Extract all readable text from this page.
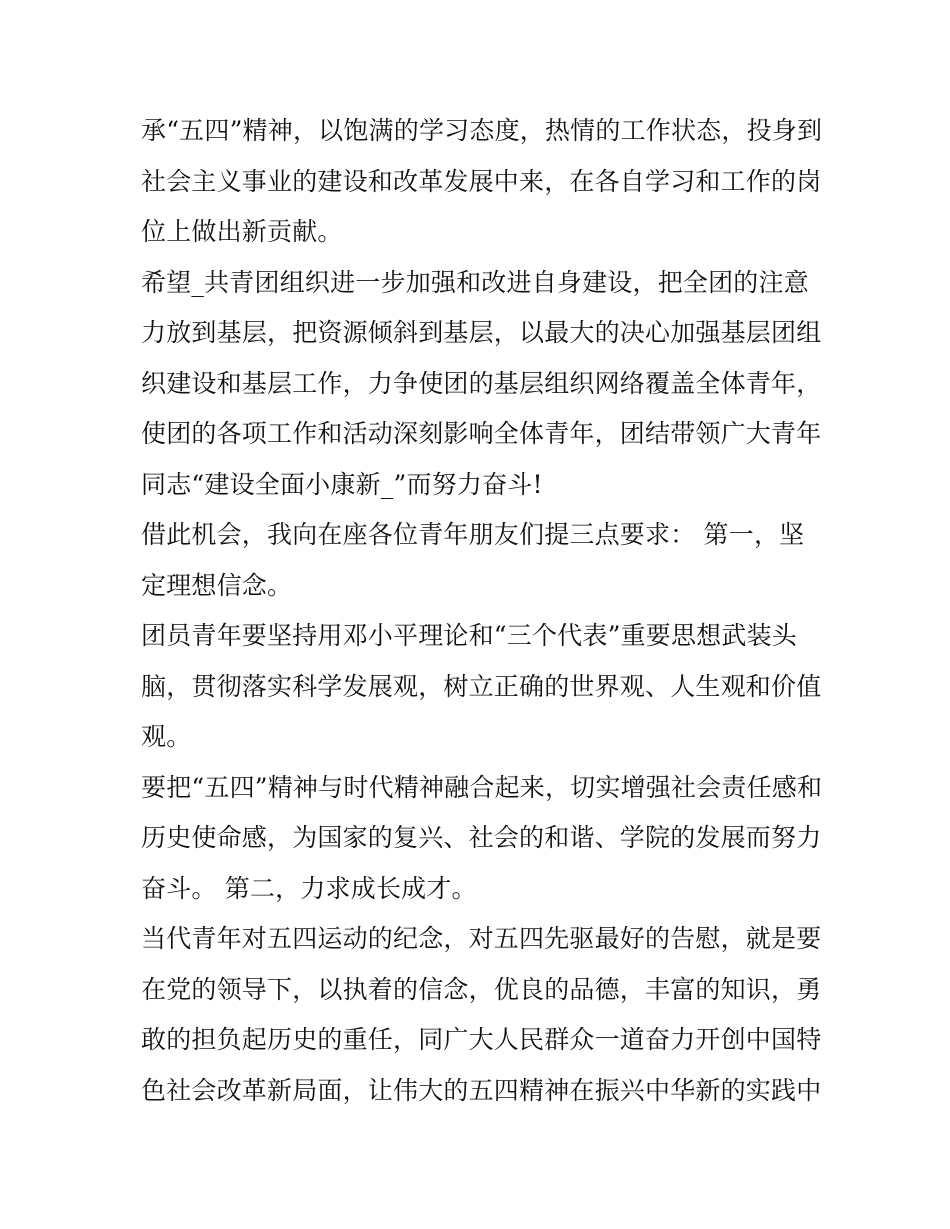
承“五四”精神，以饱满的学习态度，热情的工作状态，投身到
社会主义事业的建设和改革发展中来，在各自学习和工作的岗
位上做出新贡献。
希望_共青团组织进一步加强和改进自身建设，把全团的注意
力放到基层，把资源倾斜到基层，以最大的决心加强基层团组
织建设和基层工作，力争使团的基层组织网络覆盖全体青年，
使团的各项工作和活动深刻影响全体青年，团结带领广大青年
同志“建设全面小康新_”而努力奋斗!
借此机会，我向在座各位青年朋友们提三点要求： 第一，坚
定理想信念。
团员青年要坚持用邓小平理论和“三个代表”重要思想武装头
脑，贯彻落实科学发展观，树立正确的世界观、人生观和价值
观。
要把“五四”精神与时代精神融合起来，切实增强社会责任感和
历史使命感，为国家的复兴、社会的和谐、学院的发展而努力
奋斗。 第二，力求成长成才。
当代青年对五四运动的纪念，对五四先驱最好的告慰，就是要
在党的领导下，以执着的信念，优良的品德，丰富的知识，勇
敢的担负起历史的重任，同广大人民群众一道奋力开创中国特
色社会改革新局面，让伟大的五四精神在振兴中华新的实践中
